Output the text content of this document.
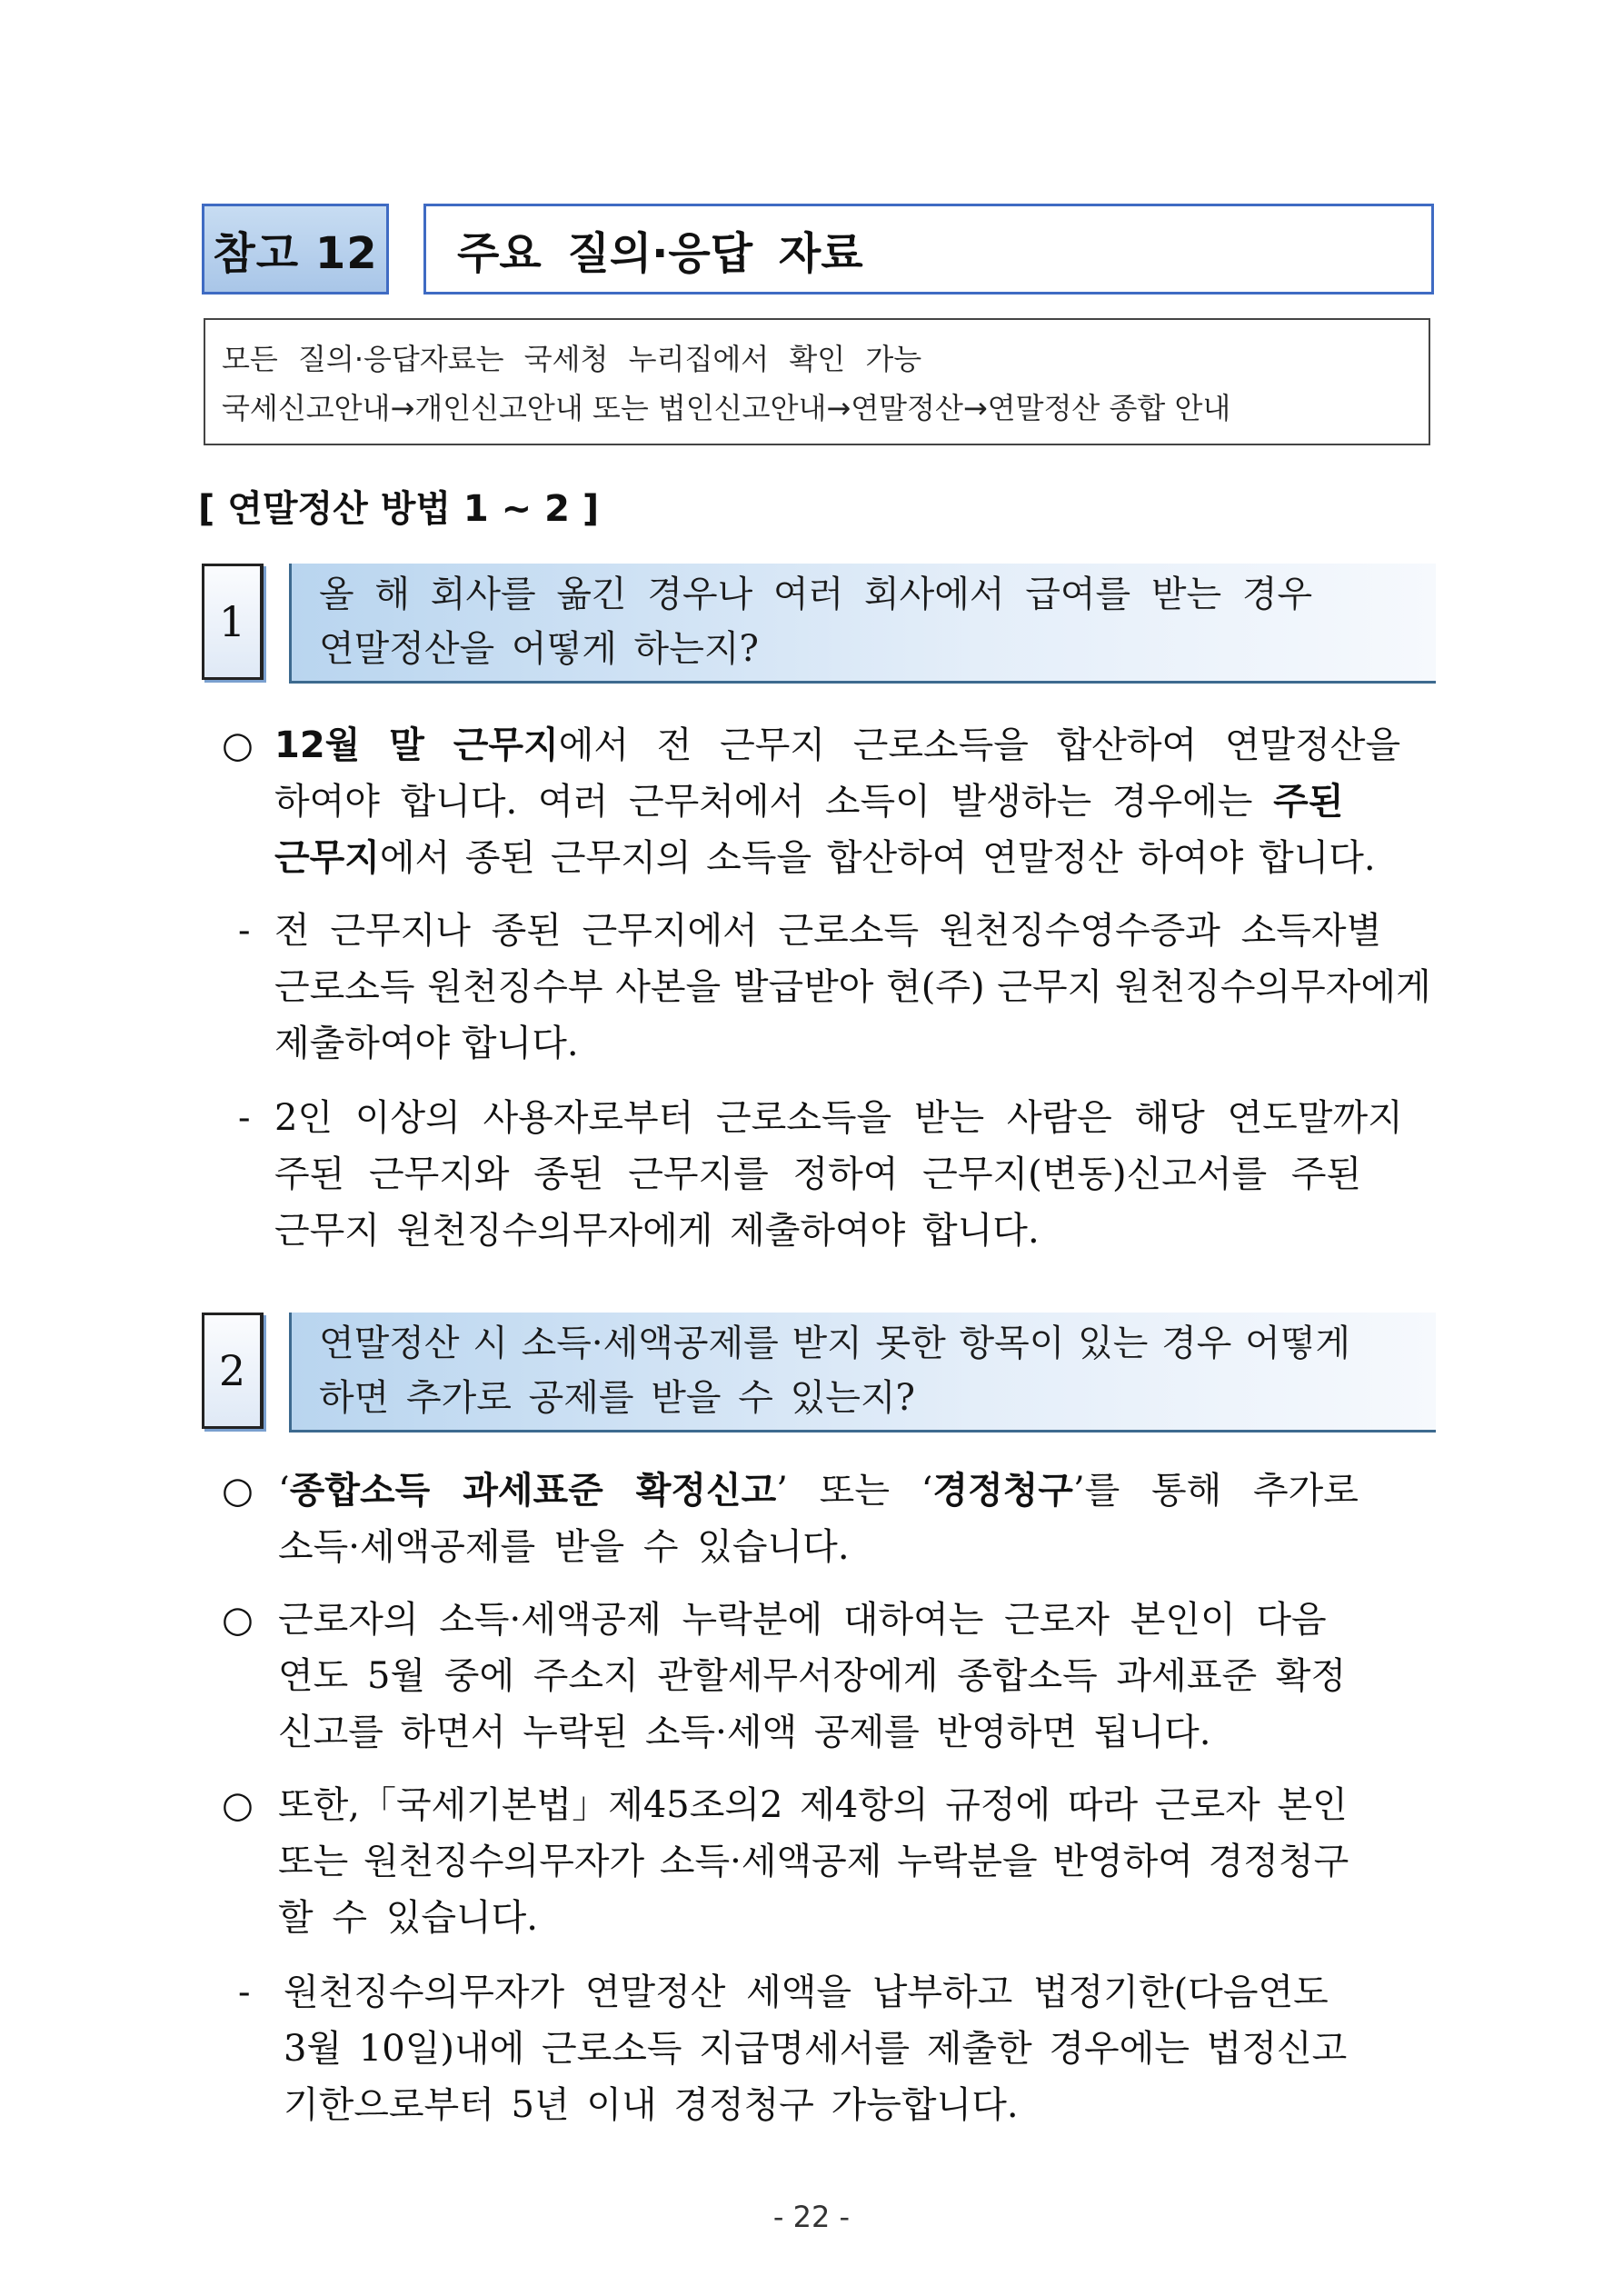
참고 12 주요 질의·응답 자료
모든 질의·응답자료는 국세청 누리집에서 확인 가능
국세신고안내→개인신고안내 또는 법인신고안내→연말정산→연말정산 종합 안내
[ 연말정산 방법 1 ~ 2 ]
1
올 해 회사를 옮긴 경우나 여러 회사에서 급여를 받는 경우
연말정산을 어떻게 하는지?
○ 12월 말 근무지에서 전 근무지 근로소득을 합산하여 연말정산을
하여야 합니다. 여러 근무처에서 소득이 발생하는 경우에는 주된
근무지에서 종된 근무지의 소득을 합산하여 연말정산 하여야 합니다.
- 전 근무지나 종된 근무지에서 근로소득 원천징수영수증과 소득자별
근로소득 원천징수부 사본을 발급받아 현(주) 근무지 원천징수의무자에게
제출하여야 합니다.
- 2인 이상의 사용자로부터 근로소득을 받는 사람은 해당 연도말까지
주된 근무지와 종된 근무지를 정하여 근무지(변동)신고서를 주된
근무지 원천징수의무자에게 제출하여야 합니다.
2
연말정산 시 소득·세액공제를 받지 못한 항목이 있는 경우 어떻게
하면 추가로 공제를 받을 수 있는지?
○ ‘종합소득 과세표준 확정신고’ 또는 ‘경정청구’를 통해 추가로
소득·세액공제를 받을 수 있습니다.
○ 근로자의 소득·세액공제 누락분에 대하여는 근로자 본인이 다음
연도 5월 중에 주소지 관할세무서장에게 종합소득 과세표준 확정
신고를 하면서 누락된 소득·세액 공제를 반영하면 됩니다.
○ 또한,「국세기본법」제45조의2 제4항의 규정에 따라 근로자 본인
또는 원천징수의무자가 소득·세액공제 누락분을 반영하여 경정청구
할 수 있습니다.
- 원천징수의무자가 연말정산 세액을 납부하고 법정기한(다음연도
3월 10일)내에 근로소득 지급명세서를 제출한 경우에는 법정신고
기한으로부터 5년 이내 경정청구 가능합니다.
- 22 -
